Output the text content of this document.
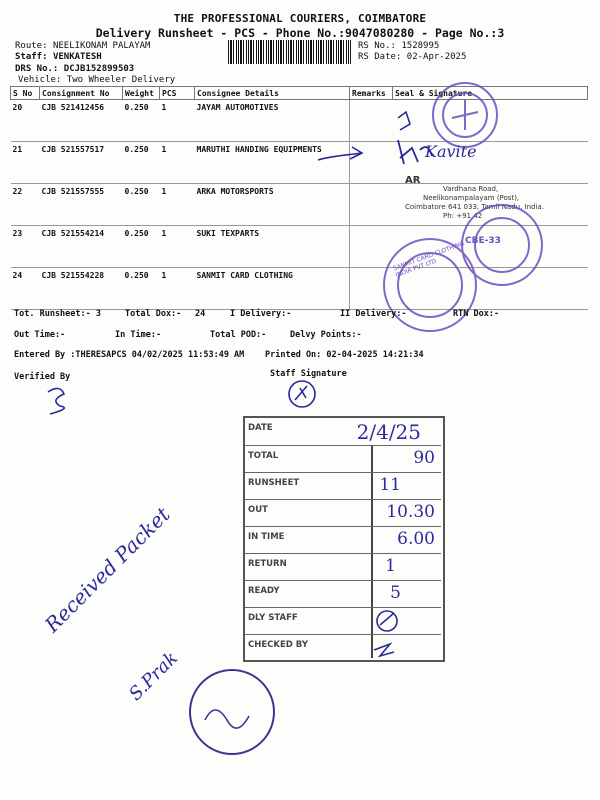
THE PROFESSIONAL COURIERS, COIMBATORE
Delivery Runsheet - PCS - Phone No.:9047080280 - Page No.:3
Route: NEELIKONAM PALAYAM
Staff: VENKATESH
DRS No.: DCJB152899503
Vehicle: Two Wheeler Delivery
RS No.: 1528995
RS Date: 02-Apr-2025
S No	Consignment No	Weight	PCS	Consignee Details	Remarks	Seal & Signature
20	CJB 521412456	0.250	1	JAYAM AUTOMOTIVES		
21	CJB 521557517	0.250	1	MARUTHI HANDING EQUIPMENTS		
22	CJB 521557555	0.250	1	ARKA MOTORSPORTS		
23	CJB 521554214	0.250	1	SUKI TEXPARTS		
24	CJB 521554228	0.250	1	SANMIT CARD CLOTHING		
AR
Vardhana Road,
Neelikonampalayam (Post),
Coimbatore 641 033, Tamil Nadu, India.
Ph: +91 42
Kavite
CBE-33
SANMIT CARD CLOTHING INDIA PVT LTD
Tot. Runsheet:- 3	Total Dox:- 24	I Delivery:-	II Delivery:-	RTN Dox:-
Out Time:-	In Time:-	Total POD:-	Delvy Points:-
Entered By :THERESAPCS 04/02/2025 11:53:49 AM Printed On: 02-04-2025 14:21:34
Verified By	Staff Signature
DATE	2/4/25
TOTAL	90
RUNSHEET	11
OUT	10.30
IN TIME	6.00
RETURN	1
READY	5
DLY STAFF
CHECKED BY
Received Packet
S.Prak
